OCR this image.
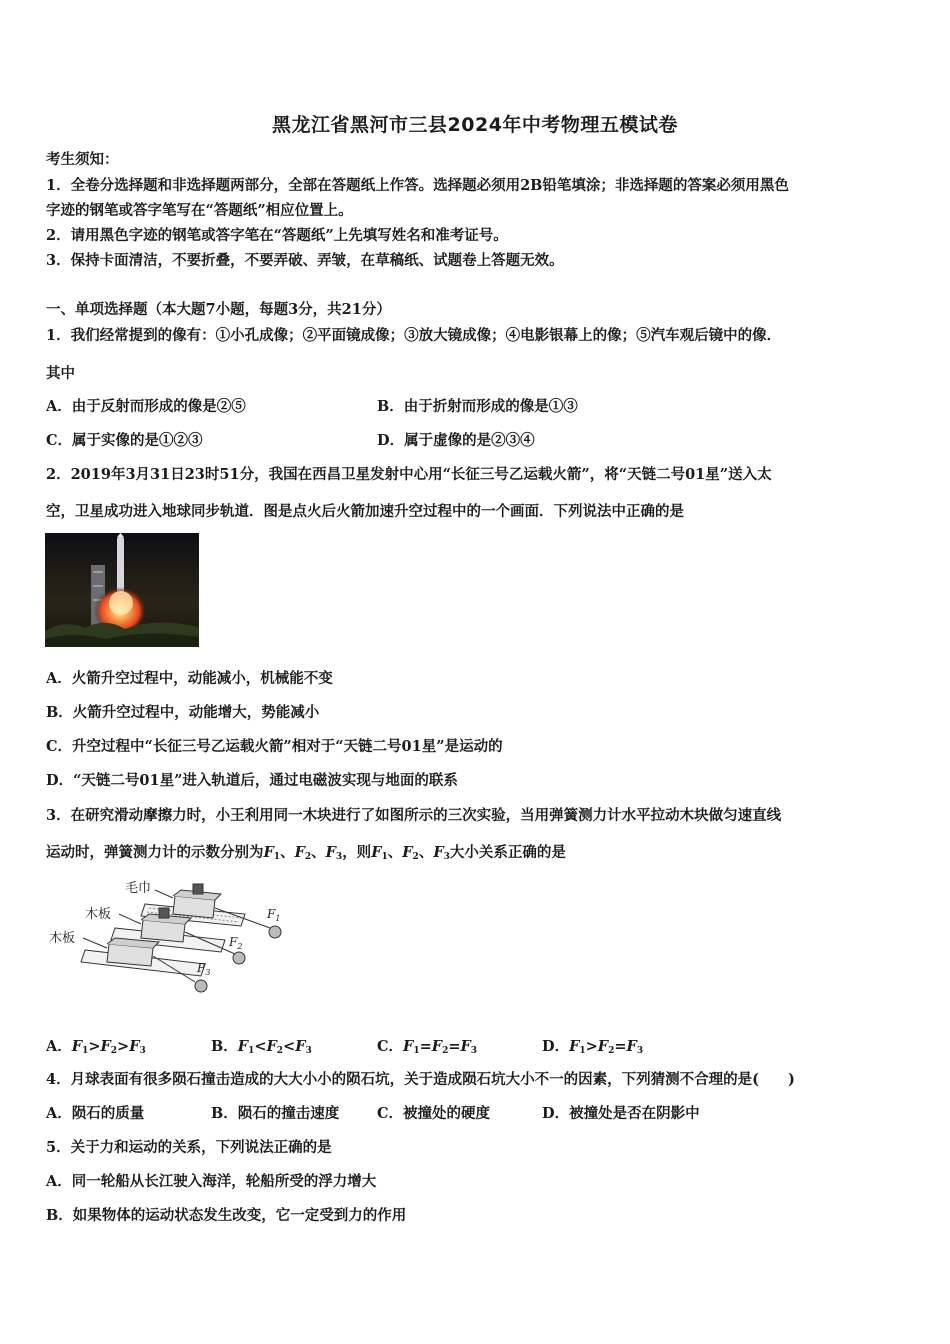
黑龙江省黑河市三县2024年中考物理五模试卷
考生须知：
1．全卷分选择题和非选择题两部分，全部在答题纸上作答。选择题必须用2B铅笔填涂；非选择题的答案必须用黑色
字迹的钢笔或答字笔写在“答题纸”相应位置上。
2．请用黑色字迹的钢笔或答字笔在“答题纸”上先填写姓名和准考证号。
3．保持卡面清洁，不要折叠，不要弄破、弄皱，在草稿纸、试题卷上答题无效。
一、单项选择题（本大题7小题，每题3分，共21分）
1．我们经常提到的像有：①小孔成像；②平面镜成像；③放大镜成像；④电影银幕上的像；⑤汽车观后镜中的像．
其中
A．由于反射而形成的像是②⑤	B．由于折射而形成的像是①③
C．属于实像的是①②③	D．属于虚像的是②③④
2．2019年3月31日23时51分，我国在西昌卫星发射中心用“长征三号乙运载火箭”，将“天链二号01星”送入太
空，卫星成功进入地球同步轨道．图是点火后火箭加速升空过程中的一个画面．下列说法中正确的是
A．火箭升空过程中，动能减小，机械能不变
B．火箭升空过程中，动能增大，势能减小
C．升空过程中“长征三号乙运载火箭”相对于“天链二号01星”是运动的
D．“天链二号01星”进入轨道后，通过电磁波实现与地面的联系
3．在研究滑动摩擦力时，小王利用同一木块进行了如图所示的三次实验，当用弹簧测力计水平拉动木块做匀速直线
运动时，弹簧测力计的示数分别为$F_1$、$F_2$、$F_3$，则$F_1$、$F_2$、$F_3$大小关系正确的是
毛巾
木板
木板
$F_1$
$F_2$
$F_3$
A．$F_1>F_2>F_3$	B．$F_1<F_2<F_3$	C．$F_1=F_2=F_3$	D．$F_1>F_2=F_3$
4．月球表面有很多陨石撞击造成的大大小小的陨石坑，关于造成陨石坑大小不一的因素，下列猜测不合理的是(　　)
A．陨石的质量	B．陨石的撞击速度	C．被撞处的硬度	D．被撞处是否在阴影中
5．关于力和运动的关系，下列说法正确的是
A．同一轮船从长江驶入海洋，轮船所受的浮力增大
B．如果物体的运动状态发生改变，它一定受到力的作用
